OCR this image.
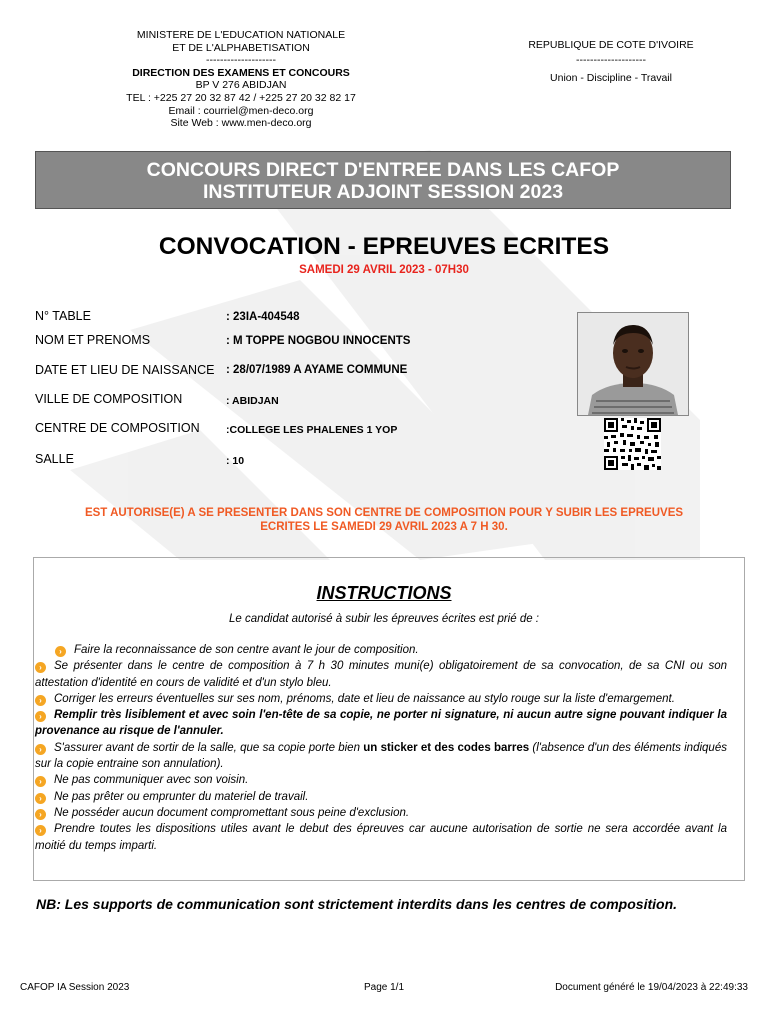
MINISTERE DE L'EDUCATION NATIONALE
ET DE L'ALPHABETISATION
--------------------
DIRECTION DES EXAMENS ET CONCOURS
BP V 276 ABIDJAN
TEL : +225 27 20 32 87 42 / +225 27 20 32 82 17
Email : courriel@men-deco.org
Site Web : www.men-deco.org
REPUBLIQUE DE COTE D'IVOIRE
--------------------
Union - Discipline - Travail
CONCOURS DIRECT D'ENTREE DANS LES CAFOP
INSTITUTEUR ADJOINT SESSION 2023
CONVOCATION - EPREUVES ECRITES
SAMEDI 29 AVRIL 2023 - 07H30
N° TABLE	: 23IA-404548
NOM ET PRENOMS	: M TOPPE NOGBOU INNOCENTS
DATE ET LIEU DE NAISSANCE : 28/07/1989 A AYAME COMMUNE
VILLE DE COMPOSITION	: ABIDJAN
CENTRE DE COMPOSITION	:COLLEGE LES PHALENES 1 YOP
SALLE	: 10
EST AUTORISE(E) A SE PRESENTER DANS SON CENTRE DE COMPOSITION POUR Y SUBIR LES EPREUVES
ECRITES LE SAMEDI 29 AVRIL 2023 A 7 H 30.
INSTRUCTIONS
Le candidat autorisé à subir les épreuves écrites est prié de :
› Faire la reconnaissance de son centre avant le jour de composition.
› Se présenter dans le centre de composition à 7 h 30 minutes muni(e) obligatoirement de sa convocation, de sa CNI ou son attestation d'identité en cours de validité et d'un stylo bleu.
› Corriger les erreurs éventuelles sur ses nom, prénoms, date et lieu de naissance au stylo rouge sur la liste d'emargement.
› Remplir très lisiblement et avec soin l'en-tête de sa copie, ne porter ni signature, ni aucun autre signe pouvant indiquer la provenance au risque de l'annuler.
› S'assurer avant de sortir de la salle, que sa copie porte bien un sticker et des codes barres (l'absence d'un des éléments indiqués sur la copie entraine son annulation).
› Ne pas communiquer avec son voisin.
› Ne pas prêter ou emprunter du materiel de travail.
› Ne posséder aucun document compromettant sous peine d'exclusion.
› Prendre toutes les dispositions utiles avant le debut des épreuves car aucune autorisation de sortie ne sera accordée avant la moitié du temps imparti.
NB: Les supports de communication sont strictement interdits dans les centres de composition.
CAFOP IA Session 2023	Page 1/1	Document généré le 19/04/2023 à 22:49:33
